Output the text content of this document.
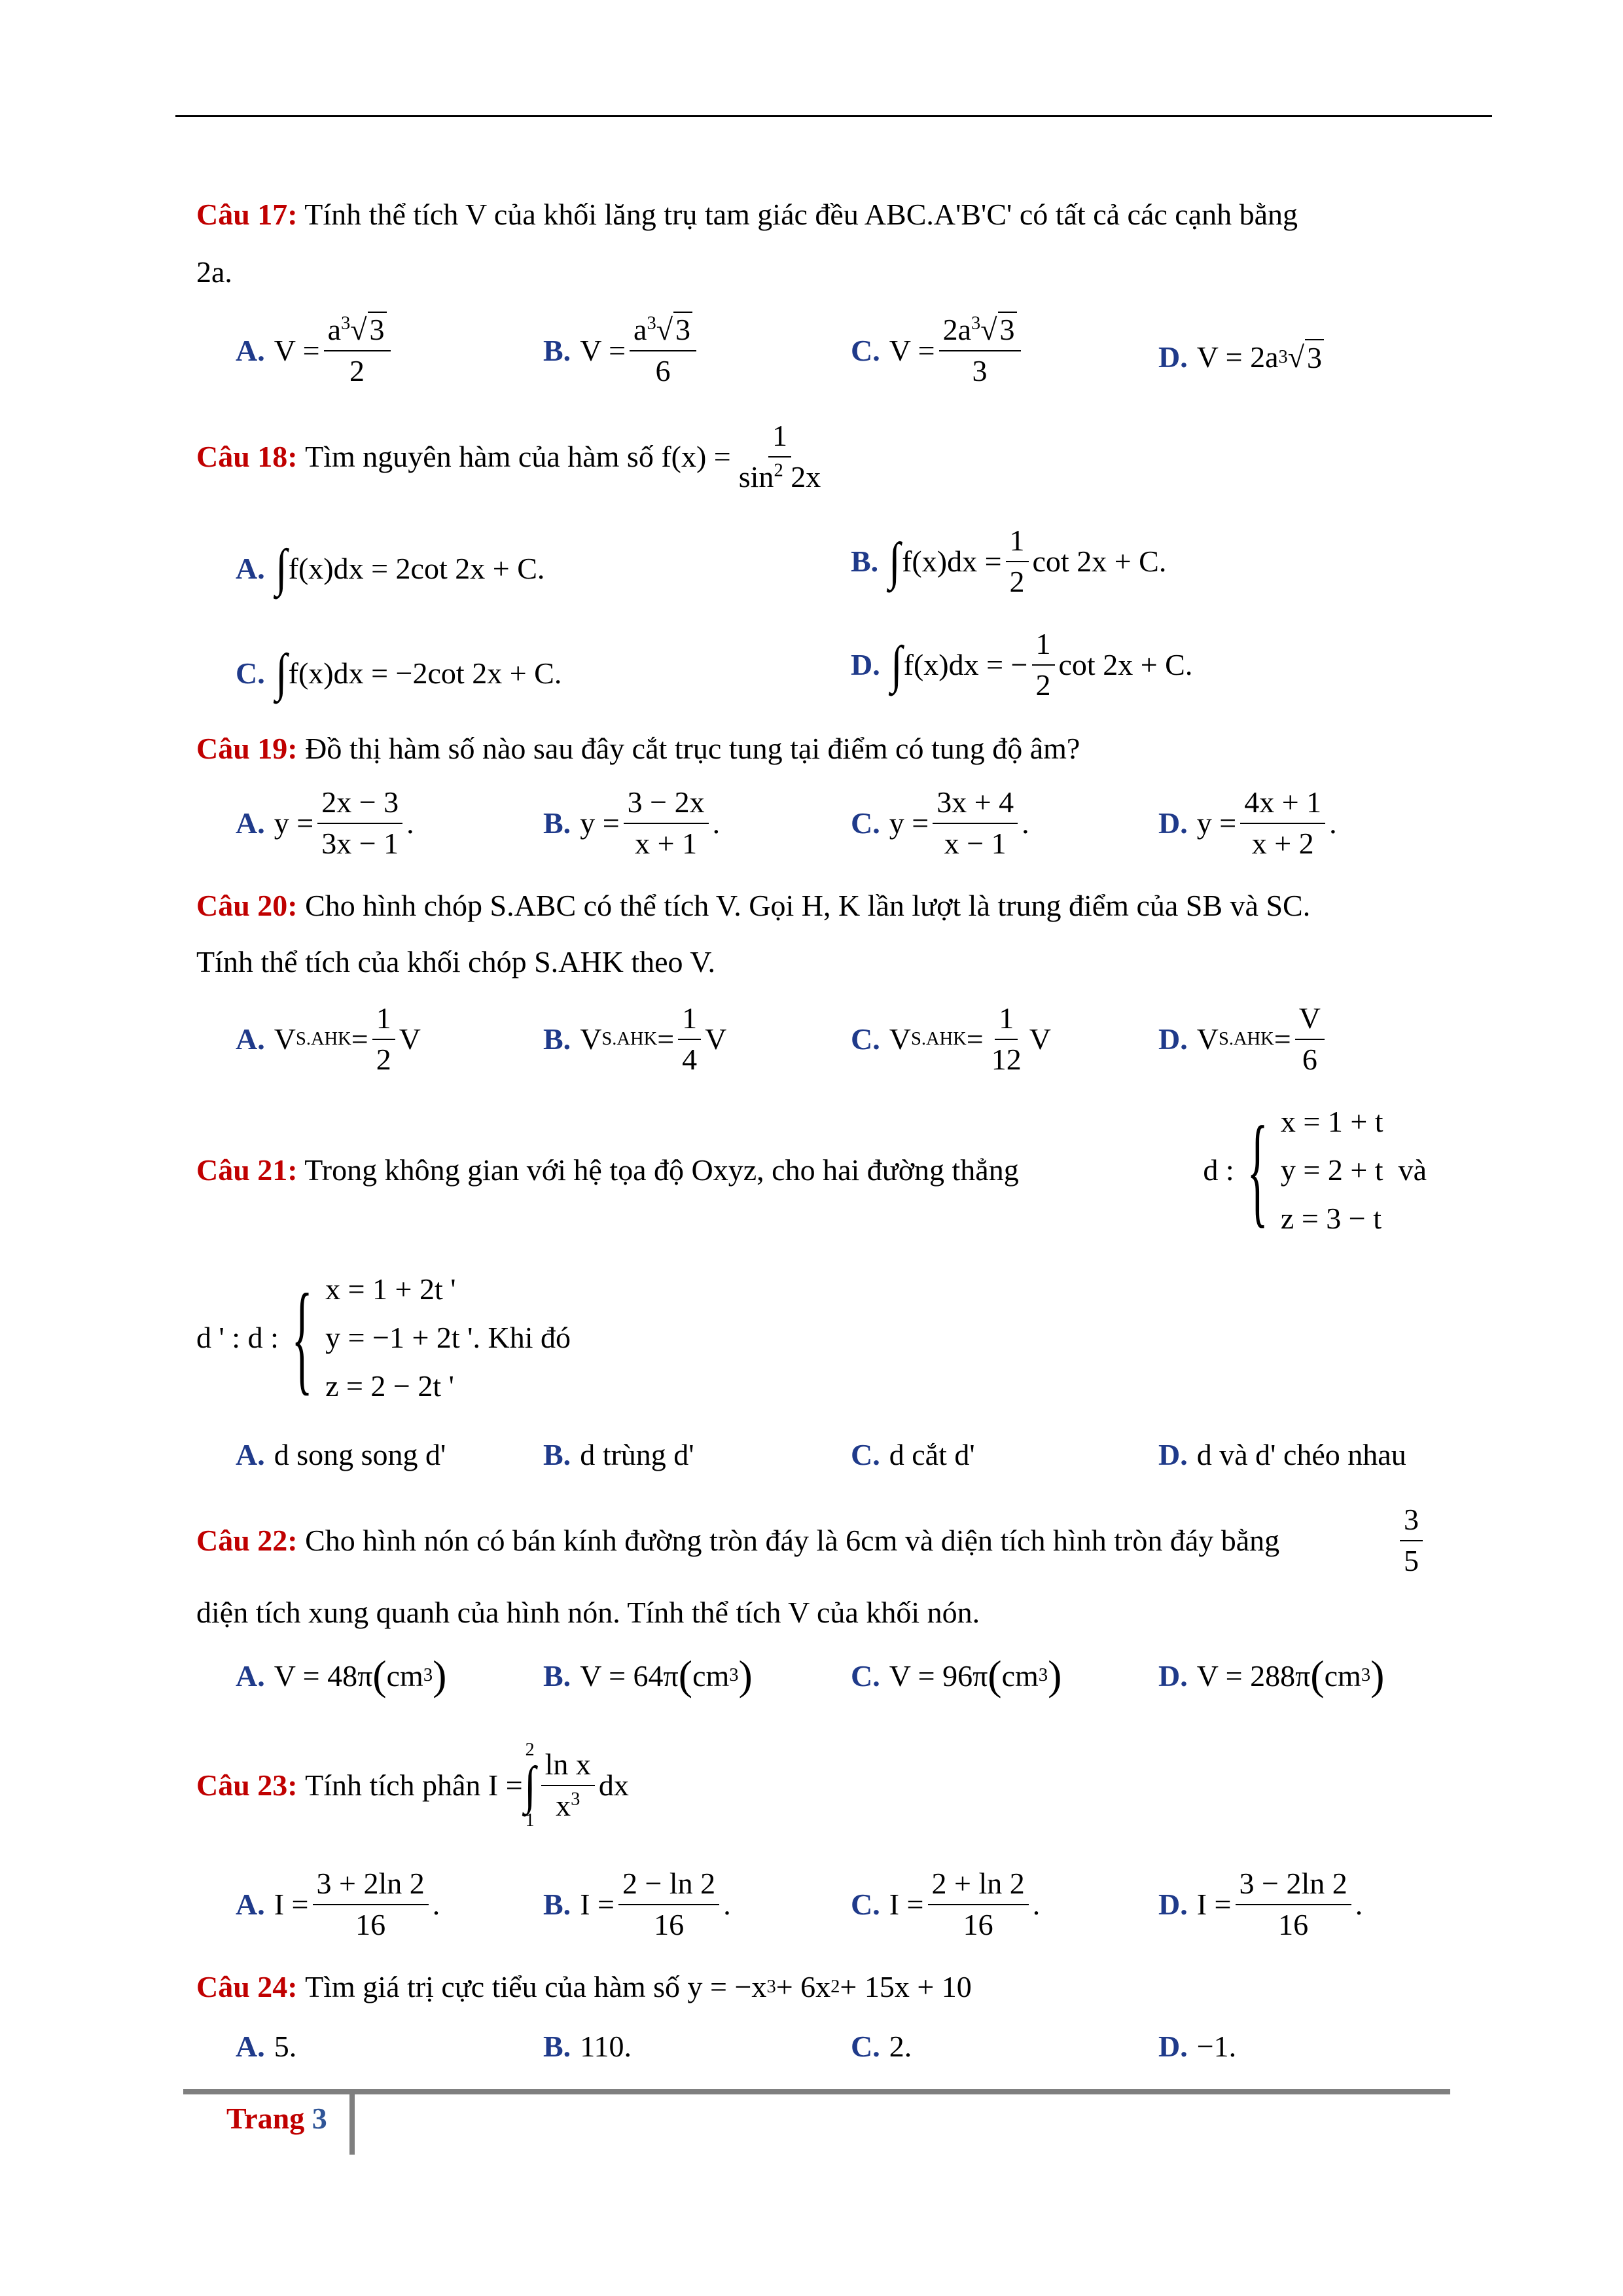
Câu 17: Tính thể tích V của khối lăng trụ tam giác đều ABC.A'B'C' có tất cả các cạnh bằng
2a.
A. $V = \frac{a^3√3}{2}$	B. $V = \frac{a^3√3}{6}$	C. $V = \frac{2a^3√3}{3}$	D. V = 2a 3 √ 3
Câu 18:
Tìm nguyên hàm của hàm số
$f(x) = \frac{1}{\sin^2 2x}$
A. ∫ f(x)dx = 2cot 2x + C.	B. ∫ $f(x)dx = \frac{1}{2}$ cot 2x + C.
C. ∫ f(x)dx = −2cot 2x + C.	D. ∫ f(x)dx = − $\frac{1}{2}$ cot 2x + C.
Câu 19: Đồ thị hàm số nào sau đây cắt trục tung tại điểm có tung độ âm?
A. $y = \frac{2x - 3}{3x - 1}$ .	B. $y = \frac{3 - 2x}{x + 1}$ .	C. $y = \frac{3x + 4}{x - 1}$ .	D. $y = \frac{4x + 1}{x + 2}$ .
Câu 20: Cho hình chóp S.ABC có thể tích V. Gọi H, K lần lượt là trung điểm của SB và SC.
Tính thể tích của khối chóp S.AHK theo V.
A. V $S.AHK = \frac{1}{2}$ V	B. V $S.AHK = \frac{1}{4}$ V	C. V $S.AHK = \frac{1}{12}$ V	D. V $S.AHK = \frac{V}{6}$
Câu 21: Trong không gian với hệ tọa độ Oxyz, cho hai đường thẳng	d : { x = 1 + t
y = 2 + t
z = 3 − t

và
d ' : d : { x = 1 + 2t '
y = −1 + 2t '
z = 2 − 2t '
. Khi đó
A. d song song d'	B. d trùng d'	C. d cắt d'	D. d và d' chéo nhau
Câu 22: Cho hình nón có bán kính đường tròn đáy là 6cm và diện tích hình tròn đáy bằng	$\frac{3}{5}$
diện tích xung quanh của hình nón. Tính thể tích V của khối nón.
A. V = 48π ( cm 3 )	B. V = 64π ( cm 3 )	C. V = 96π ( cm 3 )	D. V = 288π ( cm 3 )
Câu 23:
Tính tích phân
I =
2
∫
$1 \frac{\text{ln x}}{x^3}$ dx
A. $I = \frac{3 + 2\ln 2}{16}$ .	B. $I = \frac{2 - \ln 2}{16}$ .	C. $I = \frac{2 + \ln 2}{16}$ .	D. $I = \frac{3 - 2\ln 2}{16}$ .
Câu 24:
Tìm giá trị cực tiểu của hàm số
y = −x 3 + 6x 2 + 15x + 10
A. 5.	B. 110.	C. 2.	D. −1.
Trang 3
